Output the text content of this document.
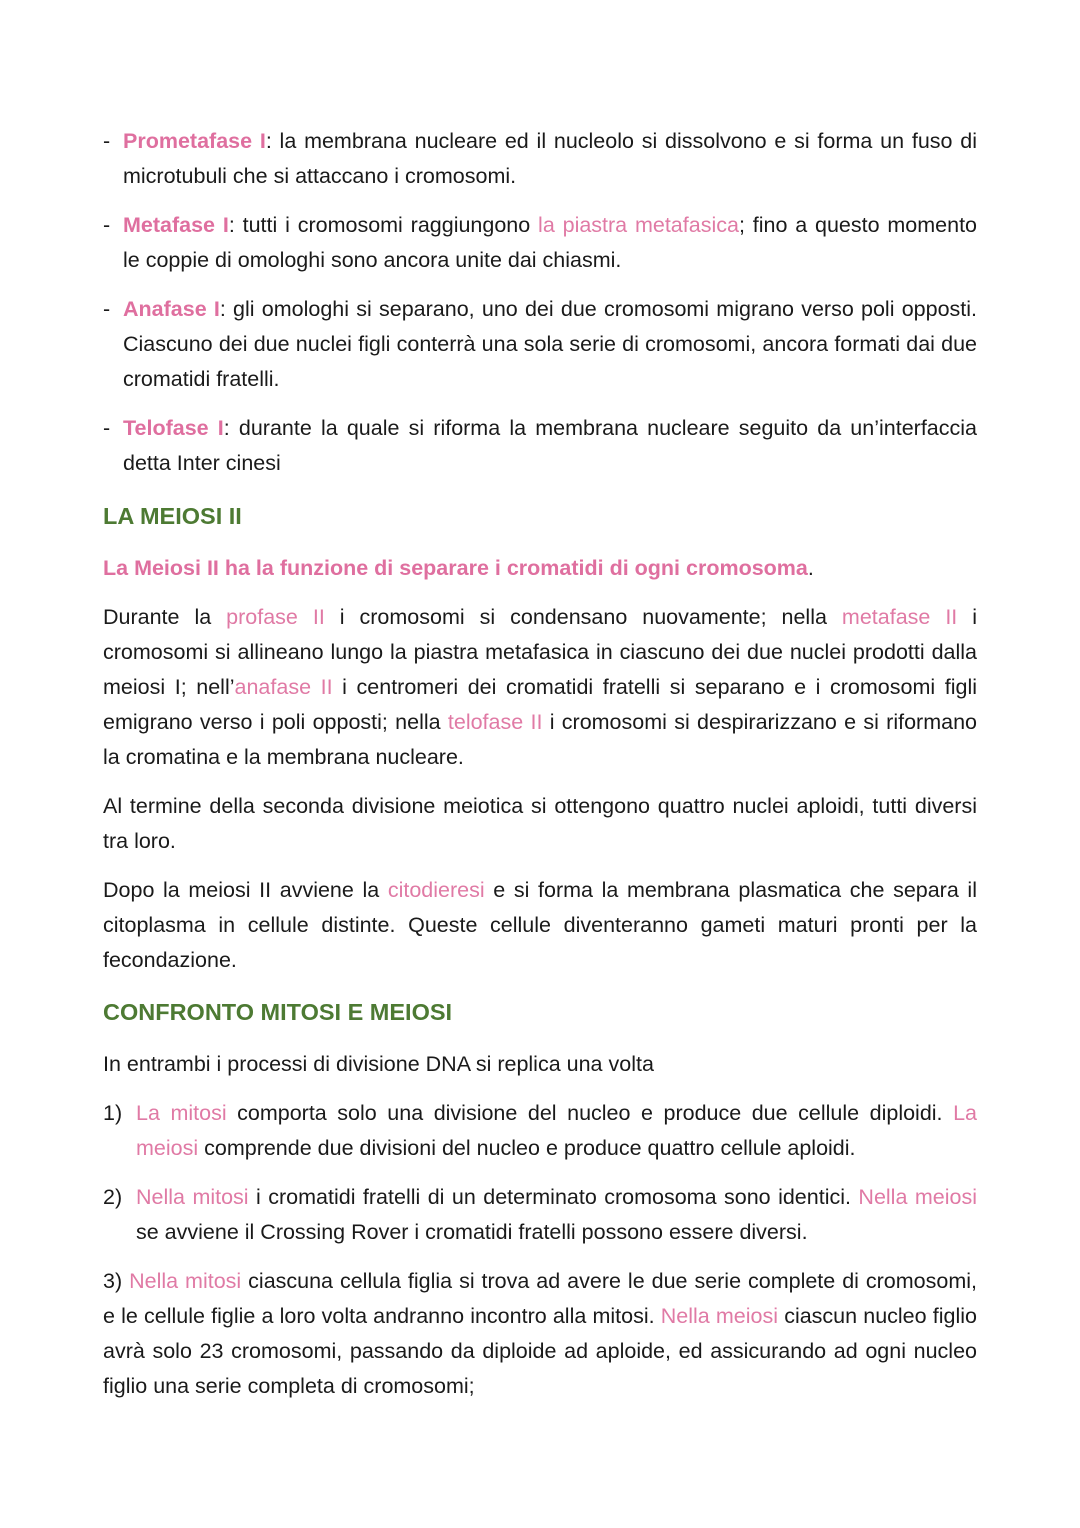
- Prometafase I: la membrana nucleare ed il nucleolo si dissolvono e si forma un fuso di microtubuli che si attaccano i cromosomi.

- Metafase I: tutti i cromosomi raggiungono la piastra metafasica; fino a questo momento le coppie di omologhi sono ancora unite dai chiasmi.

- Anafase I: gli omologhi si separano, uno dei due cromosomi migrano verso poli opposti. Ciascuno dei due nuclei figli conterrà una sola serie di cromosomi, ancora formati dai due cromatidi fratelli.

- Telofase I: durante la quale si riforma la membrana nucleare seguito da un’interfaccia detta Inter cinesi

LA MEIOSI II

La Meiosi II ha la funzione di separare i cromatidi di ogni cromosoma.

Durante la profase II i cromosomi si condensano nuovamente; nella metafase II i cromosomi si allineano lungo la piastra metafasica in ciascuno dei due nuclei prodotti dalla meiosi I; nell’anafase II i centromeri dei cromatidi fratelli si separano e i cromosomi figli emigrano verso i poli opposti; nella telofase II i cromosomi si despirarizzano e si riformano la cromatina e la membrana nucleare.

Al termine della seconda divisione meiotica si ottengono quattro nuclei aploidi, tutti diversi tra loro.

Dopo la meiosi II avviene la citodieresi e si forma la membrana plasmatica che separa il citoplasma in cellule distinte. Queste cellule diventeranno gameti maturi pronti per la fecondazione.

CONFRONTO MITOSI E MEIOSI

In entrambi i processi di divisione DNA si replica una volta

1) La mitosi comporta solo una divisione del nucleo e produce due cellule diploidi. La meiosi comprende due divisioni del nucleo e produce quattro cellule aploidi.

2) Nella mitosi i cromatidi fratelli di un determinato cromosoma sono identici. Nella meiosi se avviene il Crossing Rover i cromatidi fratelli possono essere diversi.

3) Nella mitosi ciascuna cellula figlia si trova ad avere le due serie complete di cromosomi, e le cellule figlie a loro volta andranno incontro alla mitosi. Nella meiosi ciascun nucleo figlio avrà solo 23 cromosomi, passando da diploide ad aploide, ed assicurando ad ogni nucleo figlio una serie completa di cromosomi;
